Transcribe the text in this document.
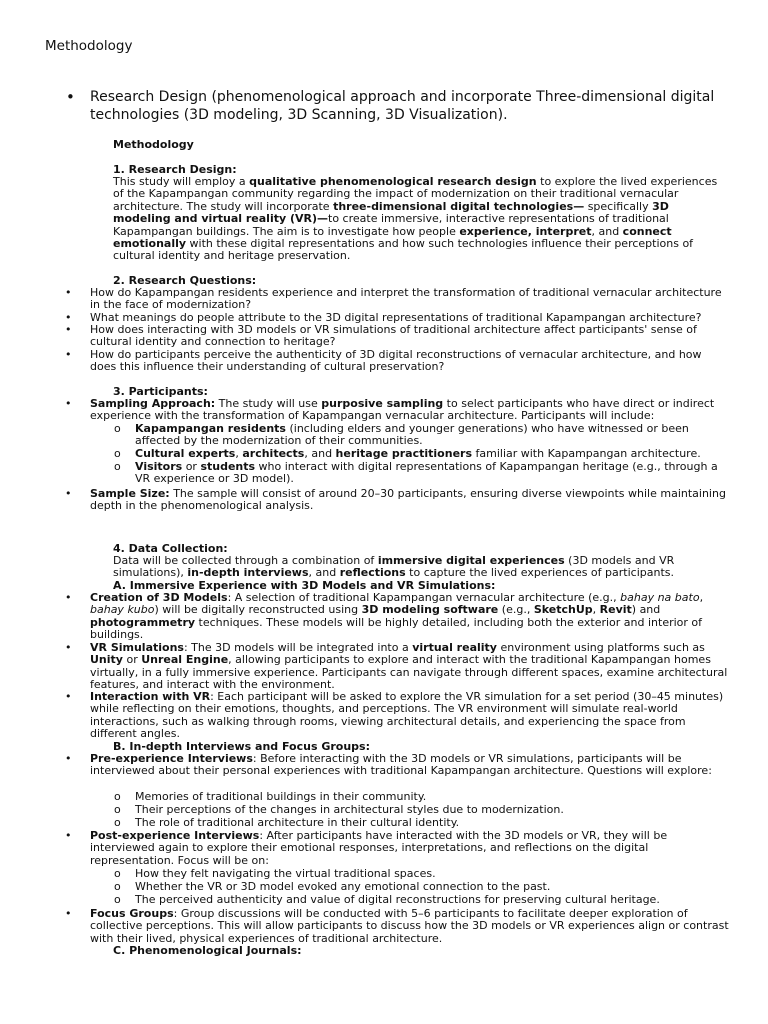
Methodology
• Research Design (phenomenological approach and incorporate Three-dimensional digital technologies (3D modeling, 3D Scanning, 3D Visualization).
Methodology
1. Research Design:
This study will employ a qualitative phenomenological research design to explore the lived experiences of the Kapampangan community regarding the impact of modernization on their traditional vernacular architecture. The study will incorporate three-dimensional digital technologies— specifically 3D modeling and virtual reality (VR)—to create immersive, interactive representations of traditional Kapampangan buildings. The aim is to investigate how people experience, interpret, and connect emotionally with these digital representations and how such technologies influence their perceptions of cultural identity and heritage preservation.
2. Research Questions:
• How do Kapampangan residents experience and interpret the transformation of traditional vernacular architecture in the face of modernization?
• What meanings do people attribute to the 3D digital representations of traditional Kapampangan architecture?
• How does interacting with 3D models or VR simulations of traditional architecture affect participants' sense of cultural identity and connection to heritage?
• How do participants perceive the authenticity of 3D digital reconstructions of vernacular architecture, and how does this influence their understanding of cultural preservation?
3. Participants:
• Sampling Approach: The study will use purposive sampling to select participants who have direct or indirect experience with the transformation of Kapampangan vernacular architecture. Participants will include:
o Kapampangan residents (including elders and younger generations) who have witnessed or been affected by the modernization of their communities.
o Cultural experts, architects, and heritage practitioners familiar with Kapampangan architecture.
o Visitors or students who interact with digital representations of Kapampangan heritage (e.g., through a VR experience or 3D model).
• Sample Size: The sample will consist of around 20–30 participants, ensuring diverse viewpoints while maintaining depth in the phenomenological analysis.
4. Data Collection:
Data will be collected through a combination of immersive digital experiences (3D models and VR simulations), in-depth interviews, and reflections to capture the lived experiences of participants.
A. Immersive Experience with 3D Models and VR Simulations:
• Creation of 3D Models: A selection of traditional Kapampangan vernacular architecture (e.g., bahay na bato, bahay kubo) will be digitally reconstructed using 3D modeling software (e.g., SketchUp, Revit) and photogrammetry techniques. These models will be highly detailed, including both the exterior and interior of buildings.
• VR Simulations: The 3D models will be integrated into a virtual reality environment using platforms such as Unity or Unreal Engine, allowing participants to explore and interact with the traditional Kapampangan homes virtually, in a fully immersive experience. Participants can navigate through different spaces, examine architectural features, and interact with the environment.
• Interaction with VR: Each participant will be asked to explore the VR simulation for a set period (30–45 minutes) while reflecting on their emotions, thoughts, and perceptions. The VR environment will simulate real-world interactions, such as walking through rooms, viewing architectural details, and experiencing the space from different angles.
B. In-depth Interviews and Focus Groups:
• Pre-experience Interviews: Before interacting with the 3D models or VR simulations, participants will be interviewed about their personal experiences with traditional Kapampangan architecture. Questions will explore:
o Memories of traditional buildings in their community.
o Their perceptions of the changes in architectural styles due to modernization.
o The role of traditional architecture in their cultural identity.
• Post-experience Interviews: After participants have interacted with the 3D models or VR, they will be interviewed again to explore their emotional responses, interpretations, and reflections on the digital representation. Focus will be on:
o How they felt navigating the virtual traditional spaces.
o Whether the VR or 3D model evoked any emotional connection to the past.
o The perceived authenticity and value of digital reconstructions for preserving cultural heritage.
• Focus Groups: Group discussions will be conducted with 5–6 participants to facilitate deeper exploration of collective perceptions. This will allow participants to discuss how the 3D models or VR experiences align or contrast with their lived, physical experiences of traditional architecture.
C. Phenomenological Journals:
